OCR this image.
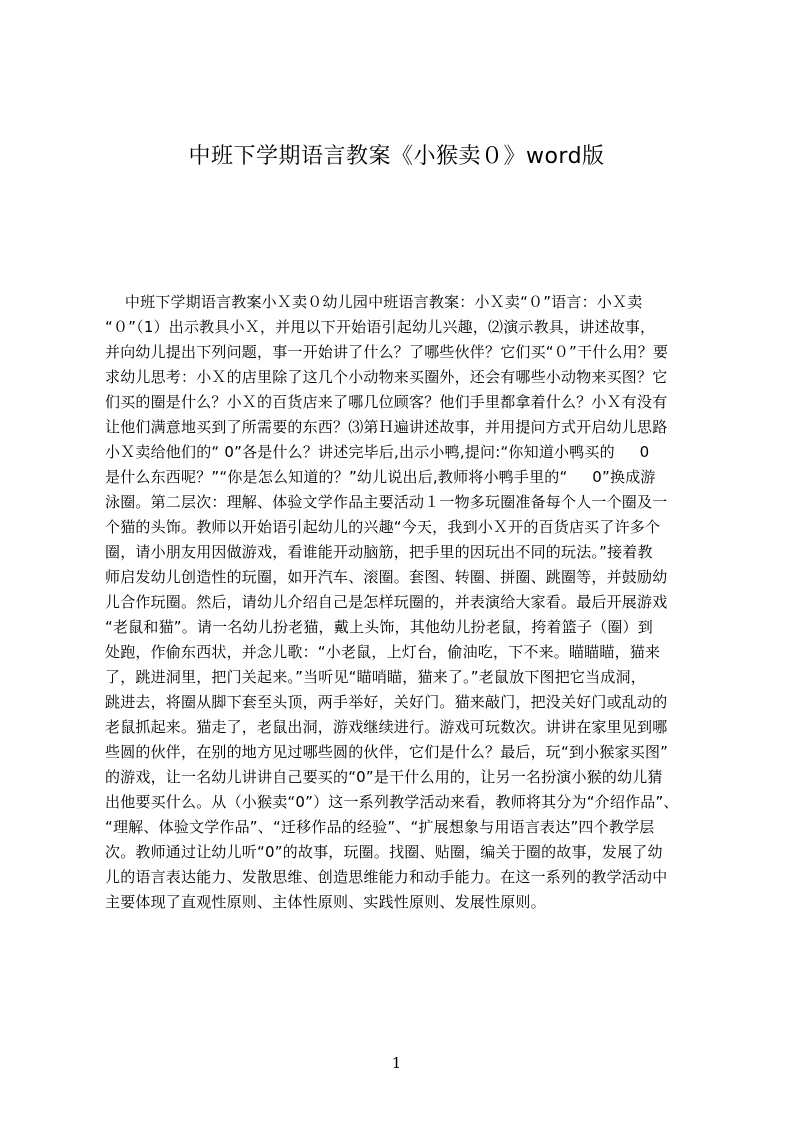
中班下学期语言教案《小猴卖０》word版
中班下学期语言教案小Ｘ卖０幼儿园中班语言教案：小Ｘ卖“０”语言：小Ｘ卖
“０”（1）出示教具小Ｘ，并甩以下开始语引起幼儿兴趣，⑵演示教具，讲述故事，
并向幼儿提出下列问题，事一开始讲了什么？了哪些伙伴？它们买“０”干什么用？要
求幼儿思考：小Ｘ的店里除了这几个小动物来买圈外，还会有哪些小动物来买图？它
们买的圈是什么？小Ｘ的百货店来了哪几位顾客？他们手里都拿着什么？小Ｘ有没有
让他们满意地买到了所需要的东西？⑶第Ｈ遍讲述故事，并用提问方式开启幼儿思路
小Ｘ卖给他们的“ 0”各是什么？讲述完毕后,出示小鸭,提问:“你知道小鸭买的     0
是什么东西呢？”“你是怎么知道的？”幼儿说出后,教师将小鸭手里的“     0”换成游
泳圈。第二层次：理解、体验文学作品主要活动１一物多玩圈准备每个人一个圈及一
个猫的头饰。教师以开始语引起幼儿的兴趣“今天，我到小Ｘ开的百货店买了许多个
圈，请小朋友用因做游戏，看谁能开动脑筋，把手里的因玩出不同的玩法。”接着教
师启发幼儿创造性的玩圈，如开汽车、滚圈。套图、转圈、拼圈、跳圈等，并鼓励幼
儿合作玩圈。然后，请幼儿介绍自己是怎样玩圈的，并表演给大家看。最后开展游戏
“老鼠和猫”。请一名幼儿扮老猫，戴上头饰，其他幼儿扮老鼠，挎着篮子（圈）到
处跑，作偷东西状，并念儿歌：“小老鼠，上灯台，偷油吃，下不来。瞄瞄瞄，猫来
了，跳进洞里，把门关起来。”当听见“瞄哨瞄，猫来了。”老鼠放下图把它当成洞，
跳进去，将圈从脚下套至头顶，两手举好，关好门。猫来敲门，把没关好门或乱动的
老鼠抓起来。猫走了，老鼠出洞，游戏继续进行。游戏可玩数次。讲讲在家里见到哪
些圆的伙伴，在别的地方见过哪些圆的伙伴，它们是什么？最后，玩“到小猴家买图”
的游戏，让一名幼儿讲讲自己要买的“0”是干什么用的，让另一名扮演小猴的幼儿猜
出他要买什么。从（小猴卖“0”）这一系列教学活动来看，教师将其分为“介绍作品”、
“理解、体验文学作品”、“迁移作品的经验”、“扩展想象与用语言表达”四个教学层
次。教师通过让幼儿听“0”的故事，玩圈。找圈、贴圈，编关于圈的故事，发展了幼
儿的语言表达能力、发散思维、创造思维能力和动手能力。在这一系列的教学活动中
主要体现了直观性原则、主体性原则、实践性原则、发展性原则。
1
